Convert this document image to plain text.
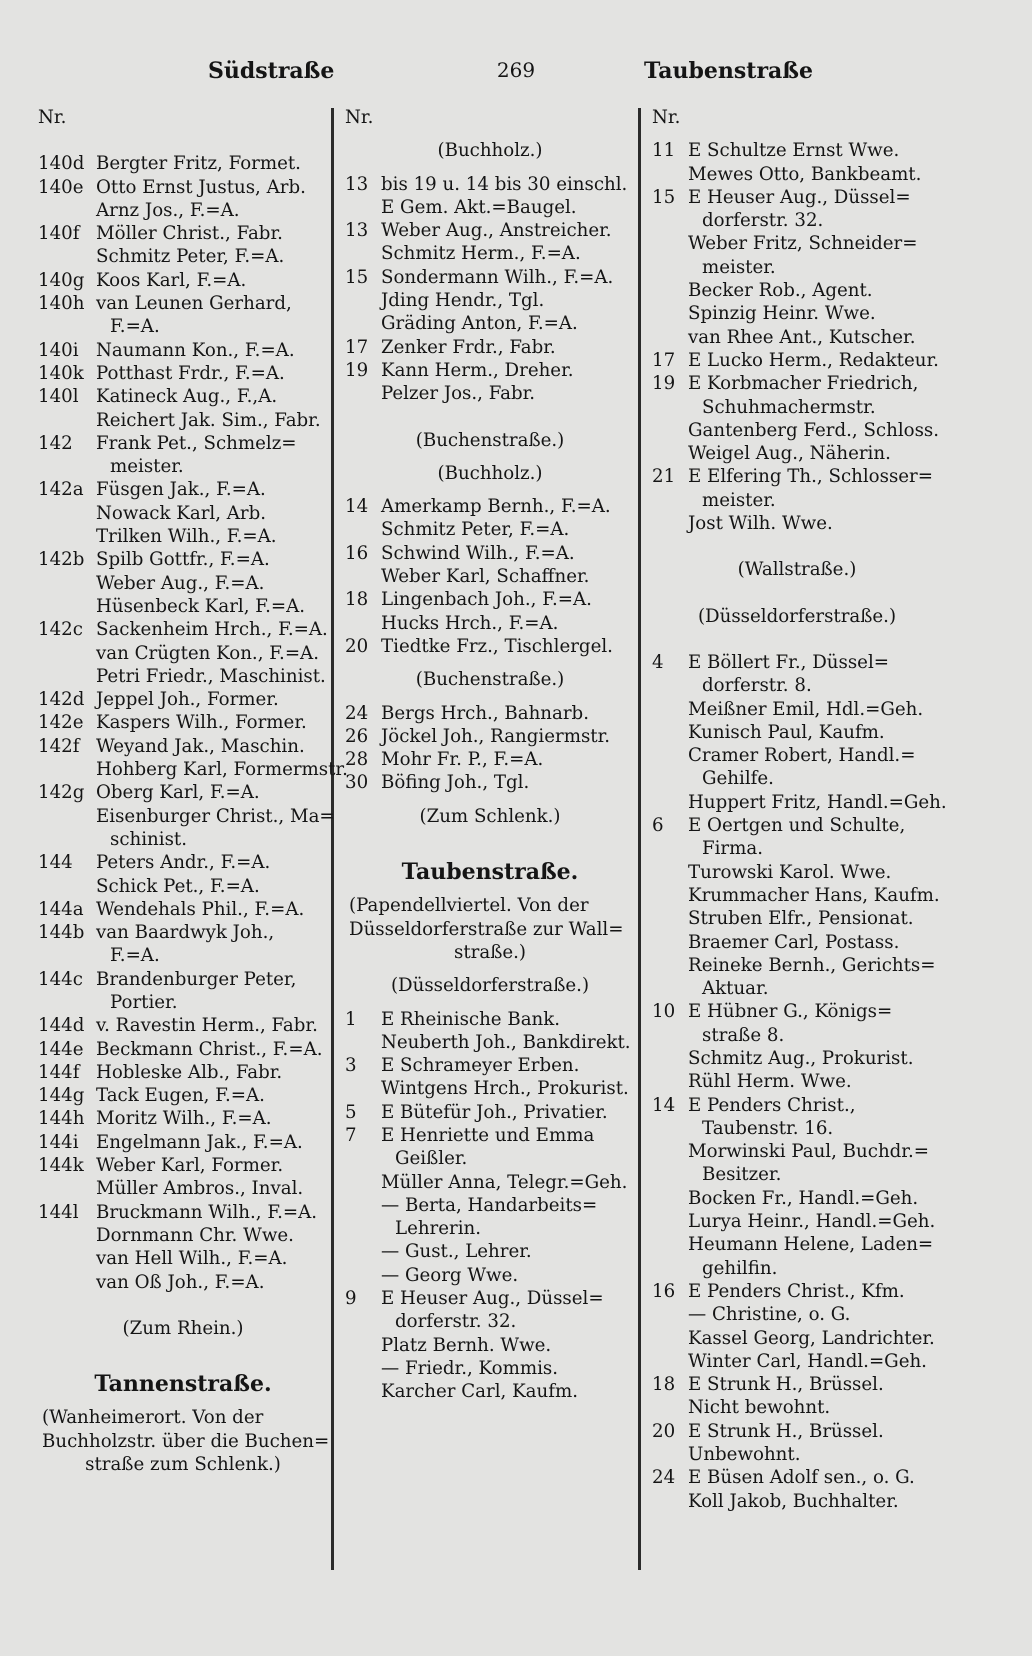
Südstraße	269	Taubenstraße
Nr.
140d Bergter Fritz, Formet.
140e Otto Ernst Justus, Arb.
Arnz Jos., F.=A.
140f Möller Christ., Fabr.
Schmitz Peter, F.=A.
140g Koos Karl, F.=A.
140h van Leunen Gerhard,
F.=A.
140i Naumann Kon., F.=A.
140k Potthast Frdr., F.=A.
140l Katineck Aug., F.,A.
Reichert Jak. Sim., Fabr.
142	Frank Pet., Schmelz=
meister.
142a Füsgen Jak., F.=A.
Nowack Karl, Arb.
Trilken Wilh., F.=A.
142b Spilb Gottfr., F.=A.
Weber Aug., F.=A.
Hüsenbeck Karl, F.=A.
142c Sackenheim Hrch., F.=A.
van Crügten Kon., F.=A.
Petri Friedr., Maschinist.
142d Jeppel Joh., Former.
142e Kaspers Wilh., Former.
142f Weyand Jak., Maschin.
Hohberg Karl, Formermstr.
142g Oberg Karl, F.=A.
Eisenburger Christ., Ma=
schinist.
144	Peters Andr., F.=A.
Schick Pet., F.=A.
144a Wendehals Phil., F.=A.
144b van Baardwyk Joh.,
F.=A.
144c Brandenburger Peter,
Portier.
144d v. Ravestin Herm., Fabr.
144e Beckmann Christ., F.=A.
144f Hobleske Alb., Fabr.
144g Tack Eugen, F.=A.
144h Moritz Wilh., F.=A.
144i Engelmann Jak., F.=A.
144k Weber Karl, Former.
Müller Ambros., Inval.
144l Bruckmann Wilh., F.=A.
Dornmann Chr. Wwe.
van Hell Wilh., F.=A.
van Oß Joh., F.=A.
(Zum Rhein.)
Tannenstraße.
(Wanheimerort. Von der
Buchholzstr. über die Buchen=
straße zum Schlenk.)
Nr.
(Buchholz.)
13 bis 19 u. 14 bis 30 einschl.
E Gem. Akt.=Baugel.
13 Weber Aug., Anstreicher.
Schmitz Herm., F.=A.
15 Sondermann Wilh., F.=A.
Jding Hendr., Tgl.
Gräding Anton, F.=A.
17 Zenker Frdr., Fabr.
19 Kann Herm., Dreher.
Pelzer Jos., Fabr.
(Buchenstraße.)
(Buchholz.)
14 Amerkamp Bernh., F.=A.
Schmitz Peter, F.=A.
16 Schwind Wilh., F.=A.
Weber Karl, Schaffner.
18 Lingenbach Joh., F.=A.
Hucks Hrch., F.=A.
20 Tiedtke Frz., Tischlergel.
(Buchenstraße.)
24 Bergs Hrch., Bahnarb.
26 Jöckel Joh., Rangiermstr.
28 Mohr Fr. P., F.=A.
30 Böfing Joh., Tgl.
(Zum Schlenk.)
Taubenstraße.
(Papendellviertel. Von der
Düsseldorferstraße zur Wall=
straße.)
(Düsseldorferstraße.)
1	E Rheinische Bank.
Neuberth Joh., Bankdirekt.
3	E Schrameyer Erben.
Wintgens Hrch., Prokurist.
5	E Bütefür Joh., Privatier.
7	E Henriette und Emma
Geißler.
Müller Anna, Telegr.=Geh.
— Berta, Handarbeits=
Lehrerin.
— Gust., Lehrer.
— Georg Wwe.
9	E Heuser Aug., Düssel=
dorferstr. 32.
Platz Bernh. Wwe.
— Friedr., Kommis.
Karcher Carl, Kaufm.
Nr.
11 E Schultze Ernst Wwe.
Mewes Otto, Bankbeamt.
15 E Heuser Aug., Düssel=
dorferstr. 32.
Weber Fritz, Schneider=
meister.
Becker Rob., Agent.
Spinzig Heinr. Wwe.
van Rhee Ant., Kutscher.
17 E Lucko Herm., Redakteur.
19 E Korbmacher Friedrich,
Schuhmachermstr.
Gantenberg Ferd., Schloss.
Weigel Aug., Näherin.
21 E Elfering Th., Schlosser=
meister.
Jost Wilh. Wwe.
(Wallstraße.)
(Düsseldorferstraße.)
4	E Böllert Fr., Düssel=
dorferstr. 8.
Meißner Emil, Hdl.=Geh.
Kunisch Paul, Kaufm.
Cramer Robert, Handl.=
Gehilfe.
Huppert Fritz, Handl.=Geh.
6	E Oertgen und Schulte,
Firma.
Turowski Karol. Wwe.
Krummacher Hans, Kaufm.
Struben Elfr., Pensionat.
Braemer Carl, Postass.
Reineke Bernh., Gerichts=
Aktuar.
10 E Hübner G., Königs=
straße 8.
Schmitz Aug., Prokurist.
Rühl Herm. Wwe.
14 E Penders Christ.,
Taubenstr. 16.
Morwinski Paul, Buchdr.=
Besitzer.
Bocken Fr., Handl.=Geh.
Lurya Heinr., Handl.=Geh.
Heumann Helene, Laden=
gehilfin.
16 E Penders Christ., Kfm.
— Christine, o. G.
Kassel Georg, Landrichter.
Winter Carl, Handl.=Geh.
18 E Strunk H., Brüssel.
Nicht bewohnt.
20 E Strunk H., Brüssel.
Unbewohnt.
24 E Büsen Adolf sen., o. G.
Koll Jakob, Buchhalter.
